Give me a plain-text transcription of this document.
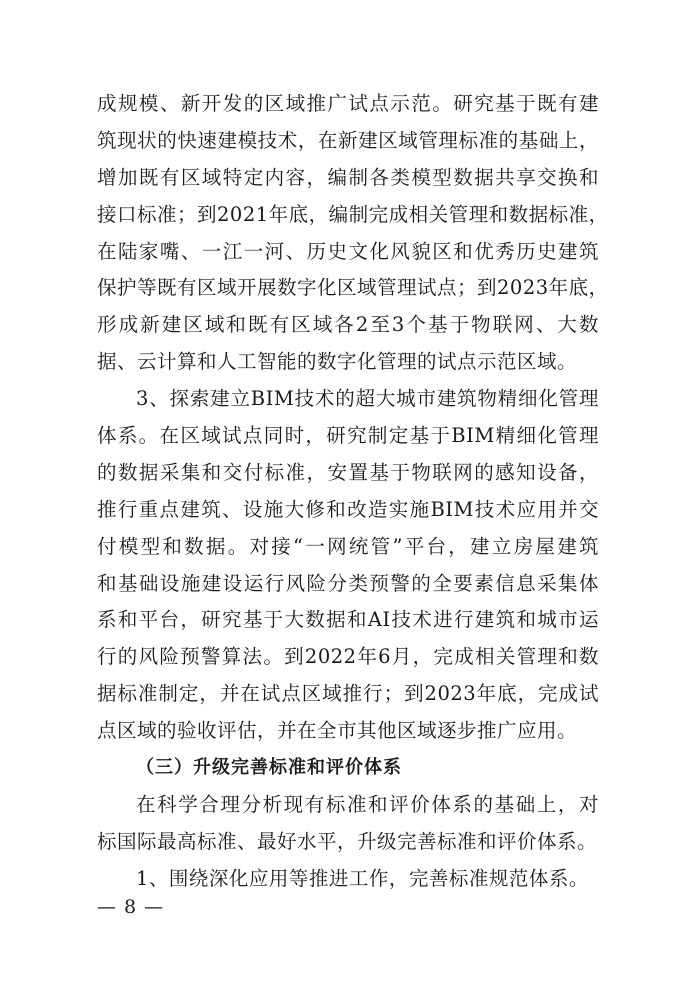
成规模、新开发的区域推广试点示范。研究基于既有建
筑现状的快速建模技术，在新建区域管理标准的基础上，
增加既有区域特定内容，编制各类模型数据共享交换和
接口标准；到2021年底，编制完成相关管理和数据标准，
在陆家嘴、一江一河、历史文化风貌区和优秀历史建筑
保护等既有区域开展数字化区域管理试点；到2023年底，
形成新建区域和既有区域各2至3个基于物联网、大数
据、云计算和人工智能的数字化管理的试点示范区域。
3、探索建立BIM技术的超大城市建筑物精细化管理
体系。在区域试点同时，研究制定基于BIM精细化管理
的数据采集和交付标准，安置基于物联网的感知设备，
推行重点建筑、设施大修和改造实施BIM技术应用并交
付模型和数据。对接“一网统管”平台，建立房屋建筑
和基础设施建设运行风险分类预警的全要素信息采集体
系和平台，研究基于大数据和AI技术进行建筑和城市运
行的风险预警算法。到2022年6月，完成相关管理和数
据标准制定，并在试点区域推行；到2023年底，完成试
点区域的验收评估，并在全市其他区域逐步推广应用。
（三）升级完善标准和评价体系
在科学合理分析现有标准和评价体系的基础上，对
标国际最高标准、最好水平，升级完善标准和评价体系。
1、围绕深化应用等推进工作，完善标准规范体系。
— 8 —
